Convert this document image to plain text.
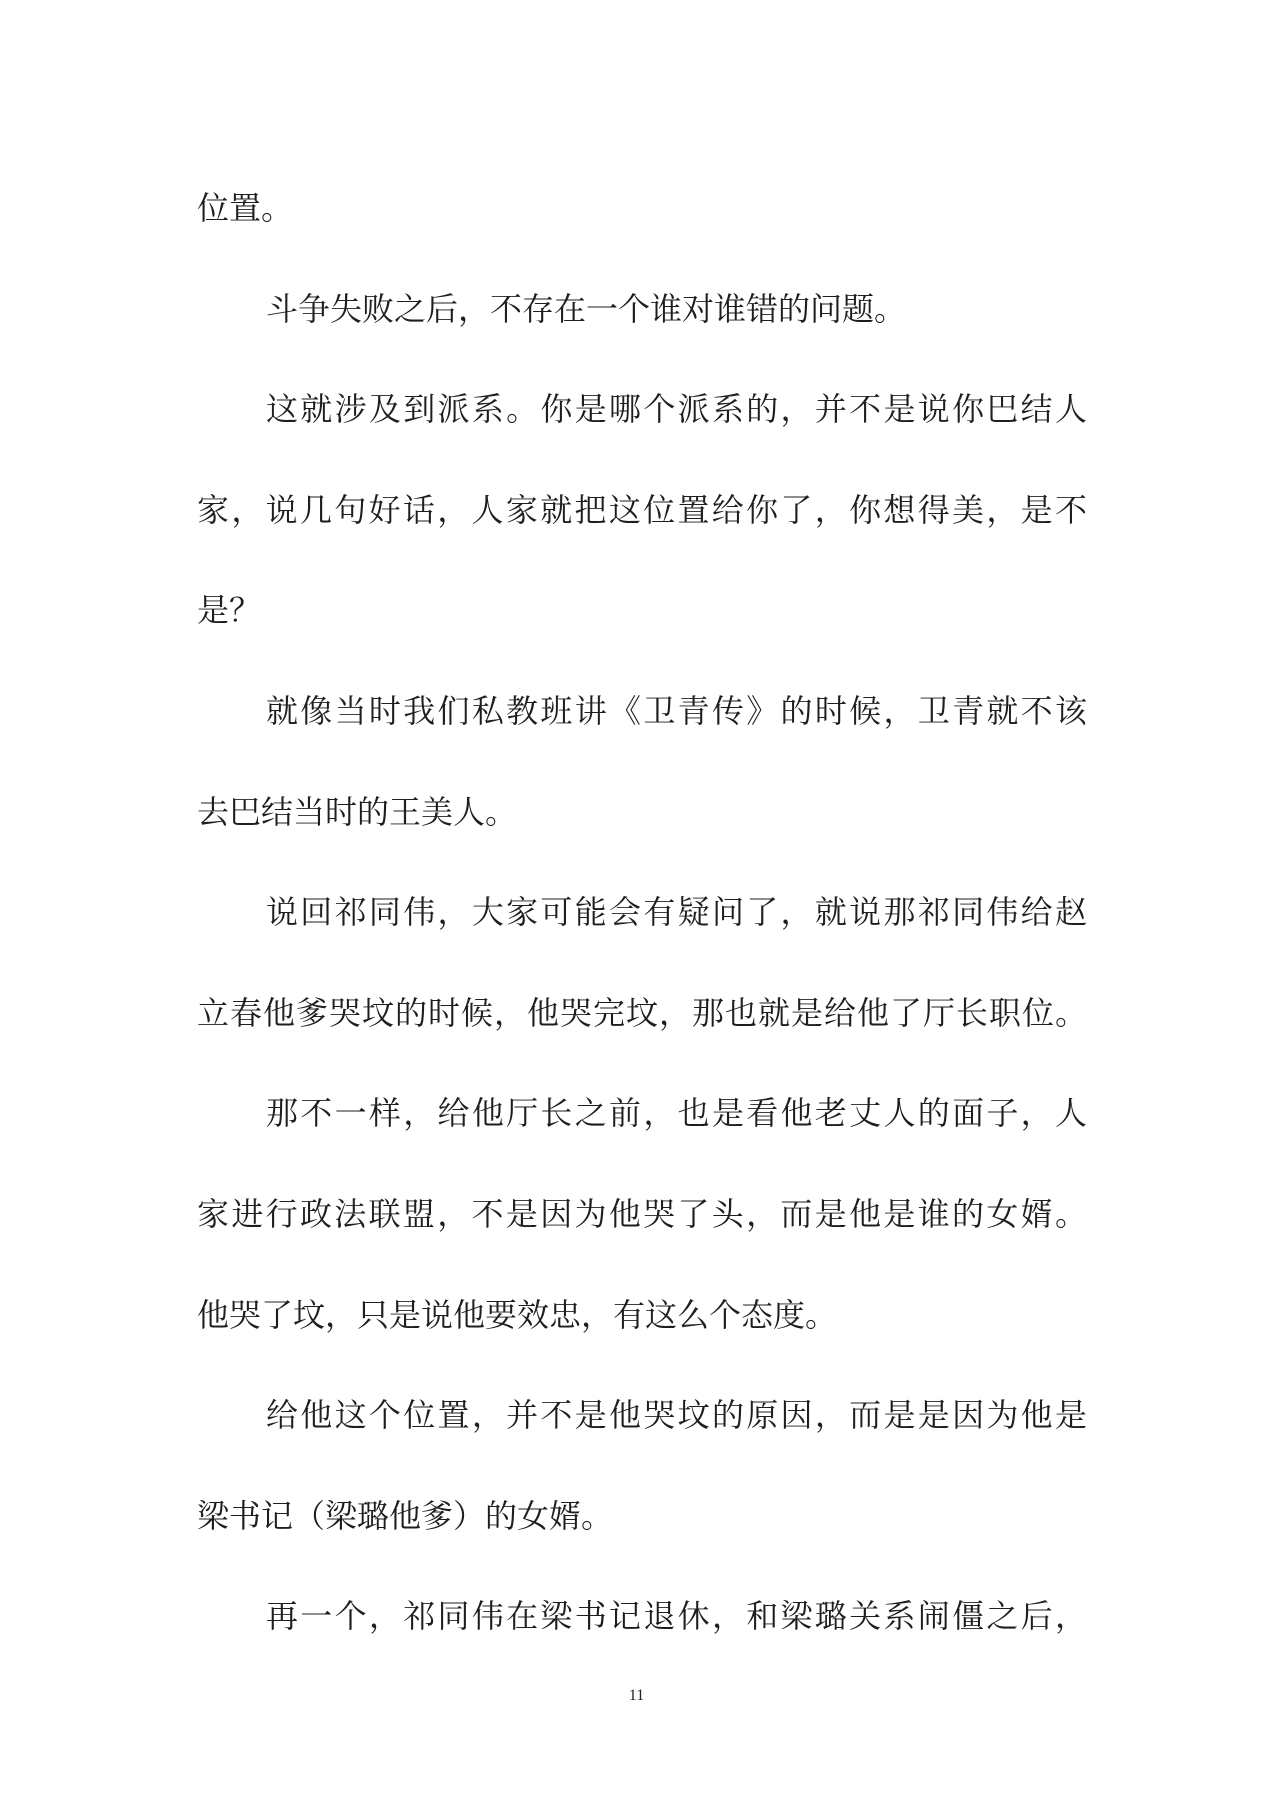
位置。
斗争失败之后，不存在一个谁对谁错的问题。
这就涉及到派系。你是哪个派系的，并不是说你巴结人
家，说几句好话，人家就把这位置给你了，你想得美，是不
是？
就像当时我们私教班讲《卫青传》的时候，卫青就不该
去巴结当时的王美人。
说回祁同伟，大家可能会有疑问了，就说那祁同伟给赵
立春他爹哭坟的时候，他哭完坟，那也就是给他了厅长职位。
那不一样，给他厅长之前，也是看他老丈人的面子，人
家进行政法联盟，不是因为他哭了头，而是他是谁的女婿。
他哭了坟，只是说他要效忠，有这么个态度。
给他这个位置，并不是他哭坟的原因，而是是因为他是
梁书记（梁璐他爹）的女婿。
再一个，祁同伟在梁书记退休，和梁璐关系闹僵之后，
11
